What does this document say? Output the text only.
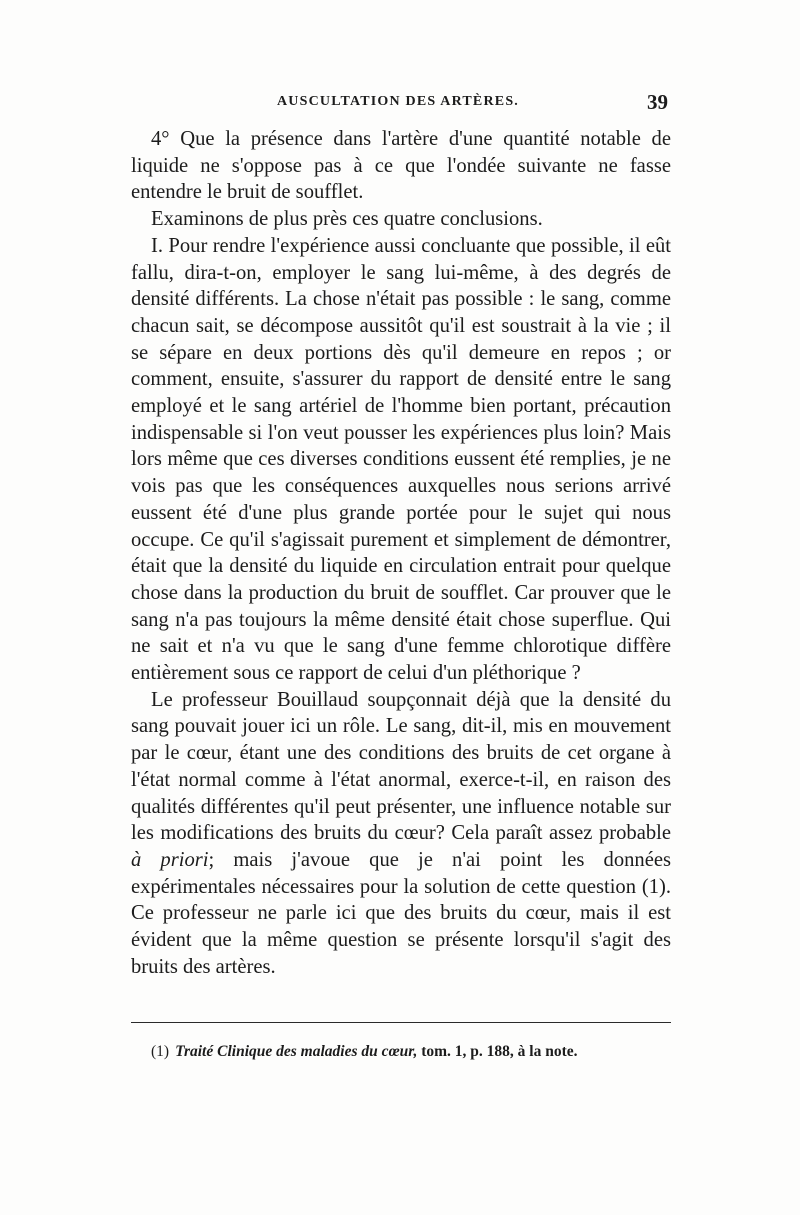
AUSCULTATION DES ARTÈRES.	39

4° Que la présence dans l'artère d'une quantité notable de liquide ne s'oppose pas à ce que l'ondée suivante ne fasse entendre le bruit de soufflet.

Examinons de plus près ces quatre conclusions.

I. Pour rendre l'expérience aussi concluante que possible, il eût fallu, dira-t-on, employer le sang lui-même, à des degrés de densité différents. La chose n'était pas possible : le sang, comme chacun sait, se décompose aussitôt qu'il est soustrait à la vie ; il se sépare en deux portions dès qu'il demeure en repos ; or comment, ensuite, s'assurer du rapport de densité entre le sang employé et le sang artériel de l'homme bien portant, précaution indispensable si l'on veut pousser les expériences plus loin? Mais lors même que ces diverses conditions eussent été remplies, je ne vois pas que les conséquences auxquelles nous serions arrivé eussent été d'une plus grande portée pour le sujet qui nous occupe. Ce qu'il s'agissait purement et simplement de démontrer, était que la densité du liquide en circulation entrait pour quelque chose dans la production du bruit de soufflet. Car prouver que le sang n'a pas toujours la même densité était chose superflue. Qui ne sait et n'a vu que le sang d'une femme chlorotique diffère entièrement sous ce rapport de celui d'un pléthorique ?

Le professeur Bouillaud soupçonnait déjà que la densité du sang pouvait jouer ici un rôle. Le sang, dit-il, mis en mouvement par le cœur, étant une des conditions des bruits de cet organe à l'état normal comme à l'état anormal, exerce-t-il, en raison des qualités différentes qu'il peut présenter, une influence notable sur les modifications des bruits du cœur? Cela paraît assez probable à priori; mais j'avoue que je n'ai point les données expérimentales nécessaires pour la solution de cette question (1). Ce professeur ne parle ici que des bruits du cœur, mais il est évident que la même question se présente lorsqu'il s'agit des bruits des artères.

(1) Traité Clinique des maladies du cœur, tom. 1, p. 188, à la note.
